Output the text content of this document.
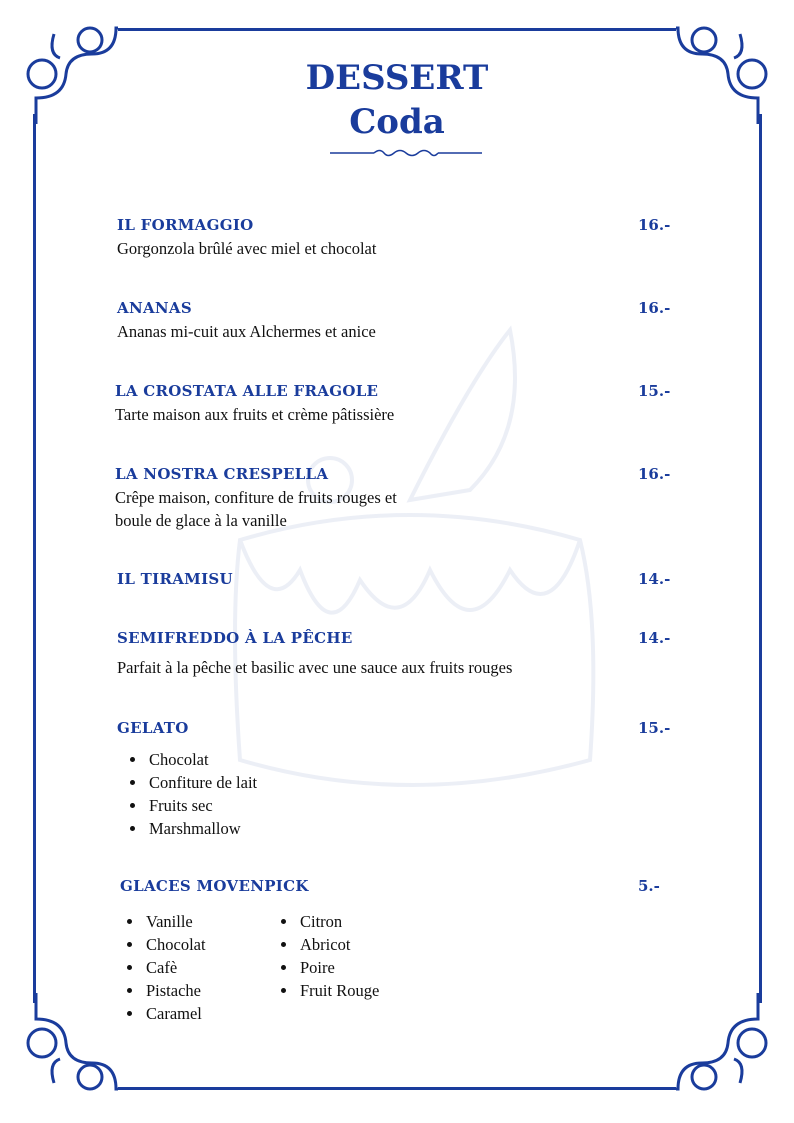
DESSERT
Coda
IL FORMAGGIO	16.-
Gorgonzola brûlé avec miel et chocolat
ANANAS	16.-
Ananas mi-cuit aux Alchermes et anice
LA CROSTATA ALLE FRAGOLE	15.-
Tarte maison aux fruits et crème pâtissière
LA NOSTRA CRESPELLA	16.-
Crêpe maison, confiture de fruits rouges et
boule de glace à la vanille
IL TIRAMISU	14.-
SEMIFREDDO À LA PÊCHE	14.-
Parfait à la pêche et basilic avec une sauce aux fruits rouges
GELATO	15.-
• Chocolat
• Confiture de lait
• Fruits sec
• Marshmallow
GLACES MOVENPICK	5.-
• Vanille
• Chocolat
• Cafè
• Pistache
• Caramel
• Citron
• Abricot
• Poire
• Fruit Rouge
